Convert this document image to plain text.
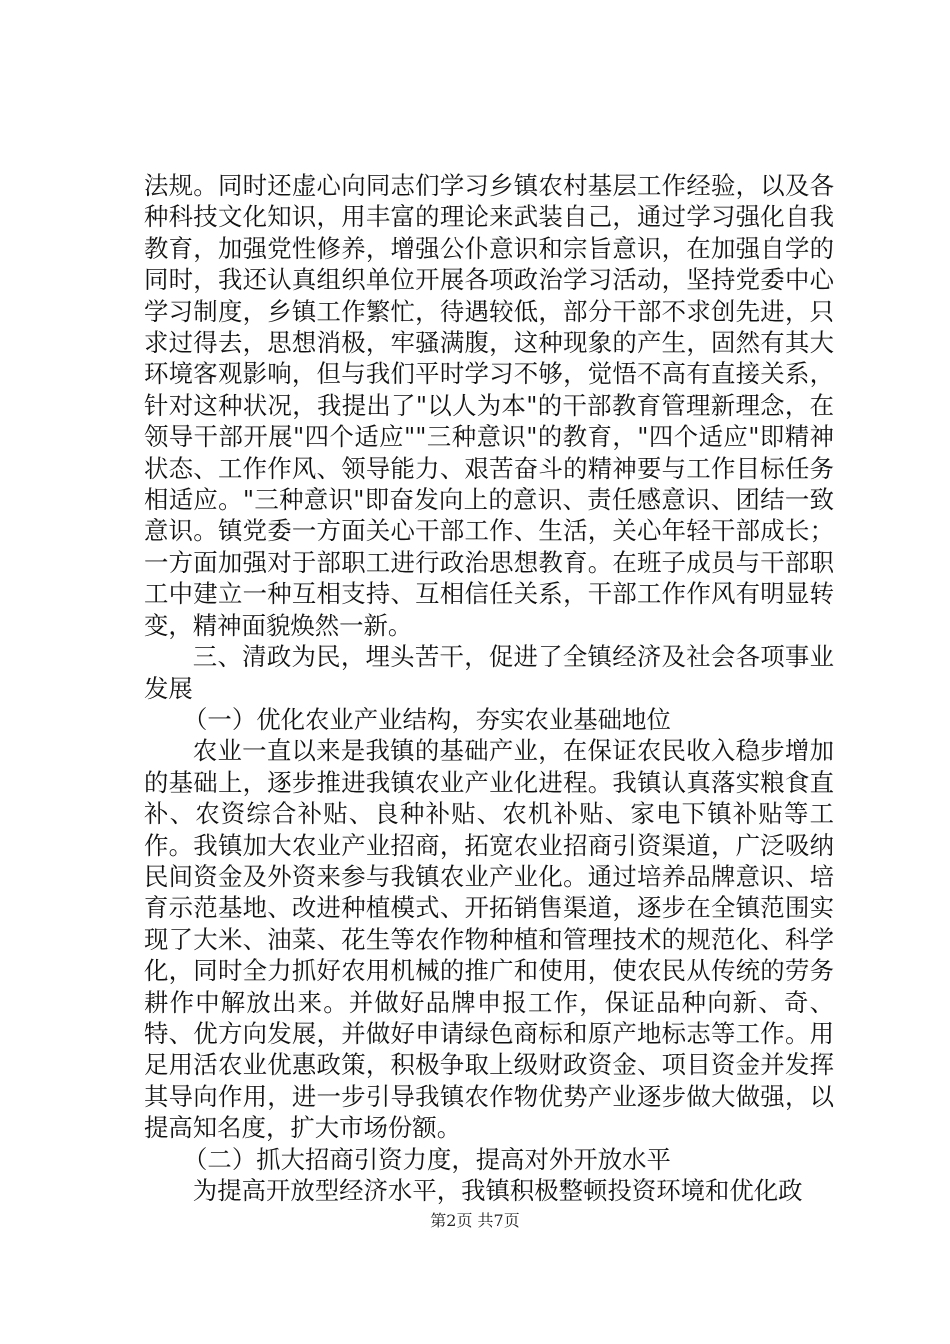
法规。同时还虚心向同志们学习乡镇农村基层工作经验，以及各种科技文化知识，用丰富的理论来武装自己，通过学习强化自我教育，加强党性修养，增强公仆意识和宗旨意识，在加强自学的同时，我还认真组织单位开展各项政治学习活动，坚持党委中心学习制度，乡镇工作繁忙，待遇较低，部分干部不求创先进，只求过得去，思想消极，牢骚满腹，这种现象的产生，固然有其大环境客观影响，但与我们平时学习不够，觉悟不高有直接关系，针对这种状况，我提出了"以人为本"的干部教育管理新理念，在领导干部开展"四个适应""三种意识"的教育，"四个适应"即精神状态、工作作风、领导能力、艰苦奋斗的精神要与工作目标任务相适应。"三种意识"即奋发向上的意识、责任感意识、团结一致意识。镇党委一方面关心干部工作、生活，关心年轻干部成长；一方面加强对于部职工进行政治思想教育。在班子成员与干部职工中建立一种互相支持、互相信任关系，干部工作作风有明显转变，精神面貌焕然一新。

三、清政为民，埋头苦干，促进了全镇经济及社会各项事业发展

（一）优化农业产业结构，夯实农业基础地位

农业一直以来是我镇的基础产业，在保证农民收入稳步增加的基础上，逐步推进我镇农业产业化进程。我镇认真落实粮食直补、农资综合补贴、良种补贴、农机补贴、家电下镇补贴等工作。我镇加大农业产业招商，拓宽农业招商引资渠道，广泛吸纳民间资金及外资来参与我镇农业产业化。通过培养品牌意识、培育示范基地、改进种植模式、开拓销售渠道，逐步在全镇范围实现了大米、油菜、花生等农作物种植和管理技术的规范化、科学化，同时全力抓好农用机械的推广和使用，使农民从传统的劳务耕作中解放出来。并做好品牌申报工作，保证品种向新、奇、特、优方向发展，并做好申请绿色商标和原产地标志等工作。用足用活农业优惠政策，积极争取上级财政资金、项目资金并发挥其导向作用，进一步引导我镇农作物优势产业逐步做大做强，以提高知名度，扩大市场份额。

（二）抓大招商引资力度，提高对外开放水平

为提高开放型经济水平，我镇积极整顿投资环境和优化政

第2页 共7页
